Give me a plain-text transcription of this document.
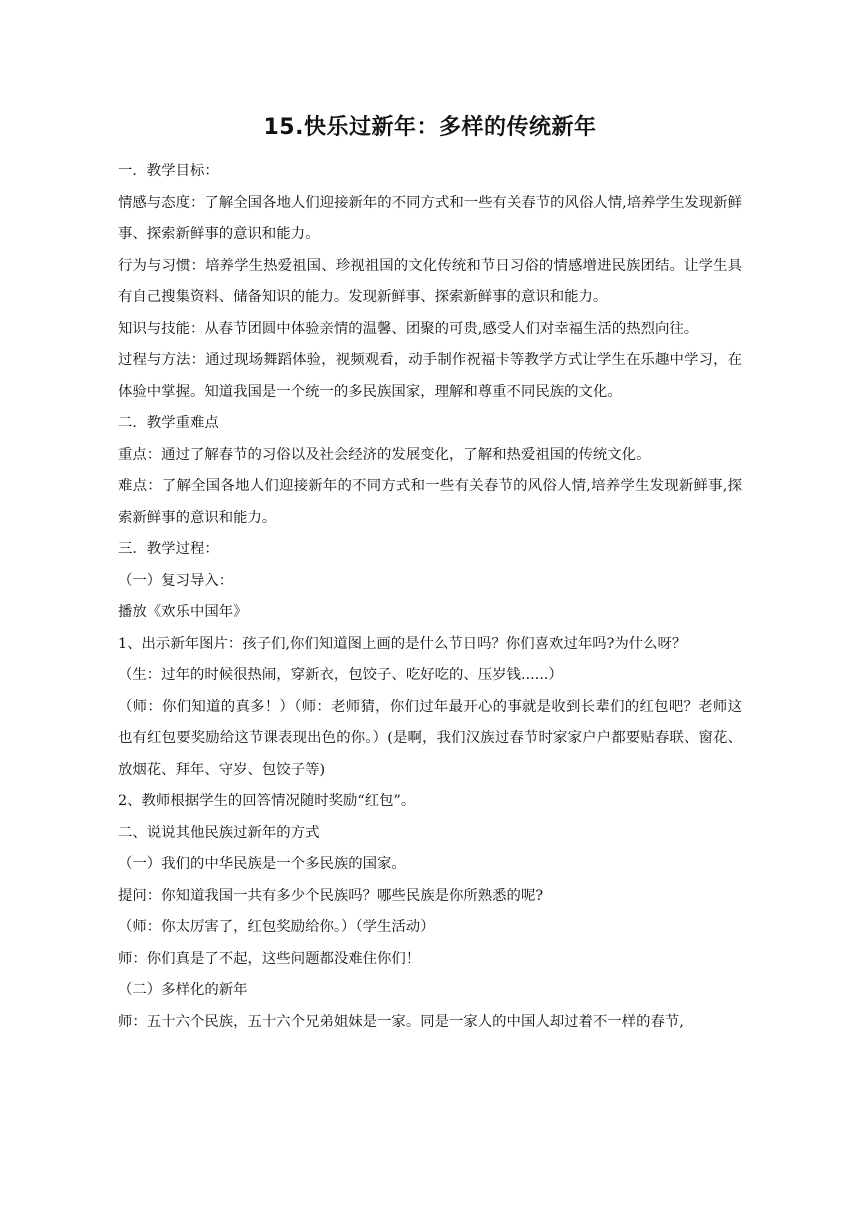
15.快乐过新年：多样的传统新年

一．教学目标：

情感与态度：了解全国各地人们迎接新年的不同方式和一些有关春节的风俗人情,培养学生发现新鲜事、探索新鲜事的意识和能力。

行为与习惯：培养学生热爱祖国、珍视祖国的文化传统和节日习俗的情感增进民族团结。让学生具有自己搜集资料、储备知识的能力。发现新鲜事、探索新鲜事的意识和能力。

知识与技能：从春节团圆中体验亲情的温馨、团聚的可贵,感受人们对幸福生活的热烈向往。

过程与方法：通过现场舞蹈体验，视频观看，动手制作祝福卡等教学方式让学生在乐趣中学习，在体验中掌握。知道我国是一个统一的多民族国家，理解和尊重不同民族的文化。

二．教学重难点

重点：通过了解春节的习俗以及社会经济的发展变化，了解和热爱祖国的传统文化。

难点：了解全国各地人们迎接新年的不同方式和一些有关春节的风俗人情,培养学生发现新鲜事,探索新鲜事的意识和能力。

三．教学过程：

（一）复习导入：

播放《欢乐中国年》

1、出示新年图片：孩子们,你们知道图上画的是什么节日吗？你们喜欢过年吗?为什么呀？

（生：过年的时候很热闹，穿新衣，包饺子、吃好吃的、压岁钱......）

（师：你们知道的真多！）（师：老师猜，你们过年最开心的事就是收到长辈们的红包吧？老师这也有红包要奖励给这节课表现出色的你。）(是啊，我们汉族过春节时家家户户都要贴春联、窗花、放烟花、拜年、守岁、包饺子等)

2、教师根据学生的回答情况随时奖励“红包”。

二、说说其他民族过新年的方式

（一）我们的中华民族是一个多民族的国家。

提问：你知道我国一共有多少个民族吗？哪些民族是你所熟悉的呢?

（师：你太厉害了，红包奖励给你。）（学生活动）

师：你们真是了不起，这些问题都没难住你们！

（二）多样化的新年

师：五十六个民族，五十六个兄弟姐妹是一家。同是一家人的中国人却过着不一样的春节,
